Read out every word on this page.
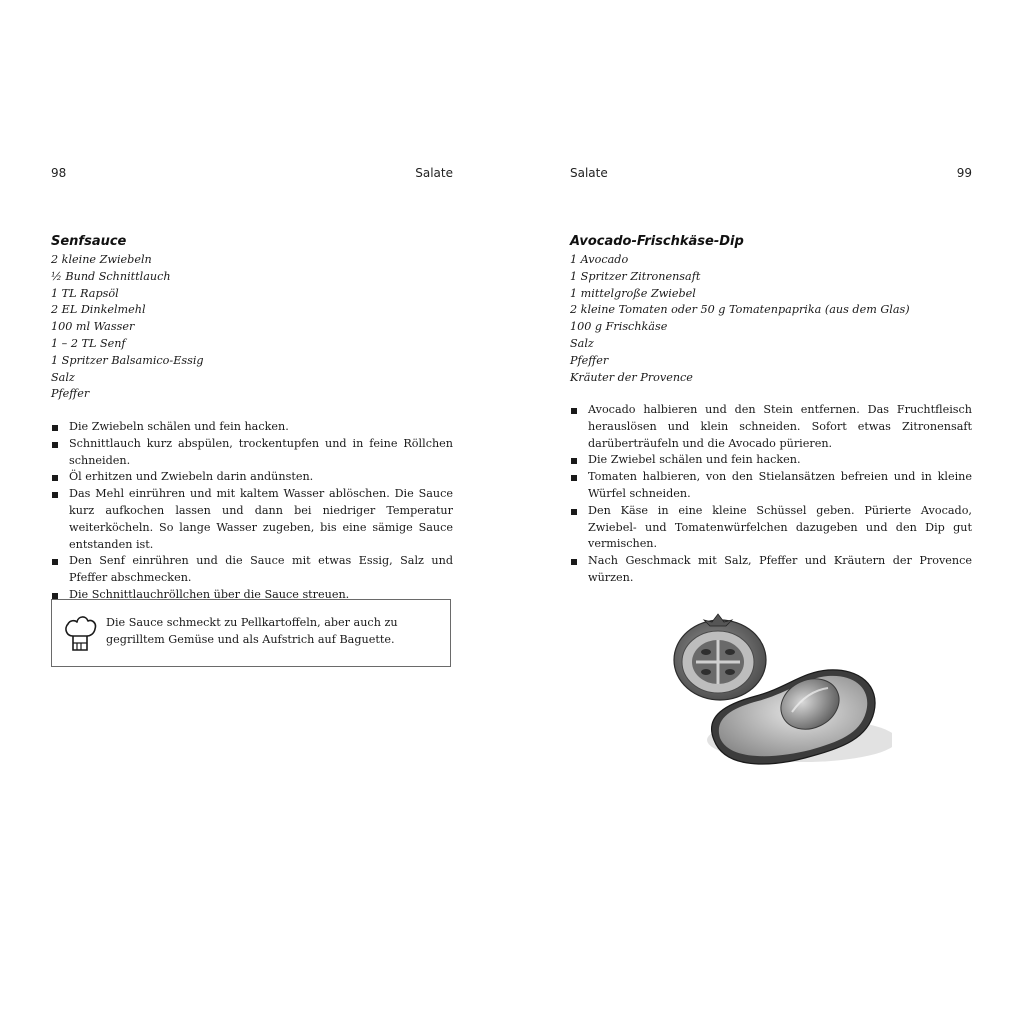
98	Salate
Senfsauce
2 kleine Zwiebeln
½ Bund Schnittlauch
1 TL Rapsöl
2 EL Dinkelmehl
100 ml Wasser
1 – 2 TL Senf
1 Spritzer Balsamico-Essig
Salz
Pfeffer
Die Zwiebeln schälen und fein hacken.
Schnittlauch kurz abspülen, trockentupfen und in feine Röllchen schneiden.
Öl erhitzen und Zwiebeln darin andünsten.
Das Mehl einrühren und mit kaltem Wasser ablöschen. Die Sauce kurz aufkochen lassen und dann bei niedriger Temperatur weiterköcheln. So lange Wasser zugeben, bis eine sämige Sauce entstanden ist.
Den Senf einrühren und die Sauce mit etwas Essig, Salz und Pfeffer abschmecken.
Die Schnittlauchröllchen über die Sauce streuen.
Die Sauce schmeckt zu Pellkartoffeln, aber auch zu gegrilltem Gemüse und als Aufstrich auf Baguette.
Salate	99
Avocado-Frischkäse-Dip
1 Avocado
1 Spritzer Zitronensaft
1 mittelgroße Zwiebel
2 kleine Tomaten oder 50 g Tomatenpaprika (aus dem Glas)
100 g Frischkäse
Salz
Pfeffer
Kräuter der Provence
Avocado halbieren und den Stein entfernen. Das Fruchtfleisch herauslösen und klein schneiden. Sofort etwas Zitronensaft darüberträufeln und die Avocado pürieren.
Die Zwiebel schälen und fein hacken.
Tomaten halbieren, von den Stielansätzen befreien und in kleine Würfel schneiden.
Den Käse in eine kleine Schüssel geben. Pürierte Avocado, Zwiebel- und Tomatenwürfelchen dazugeben und den Dip gut vermischen.
Nach Geschmack mit Salz, Pfeffer und Kräutern der Provence würzen.
